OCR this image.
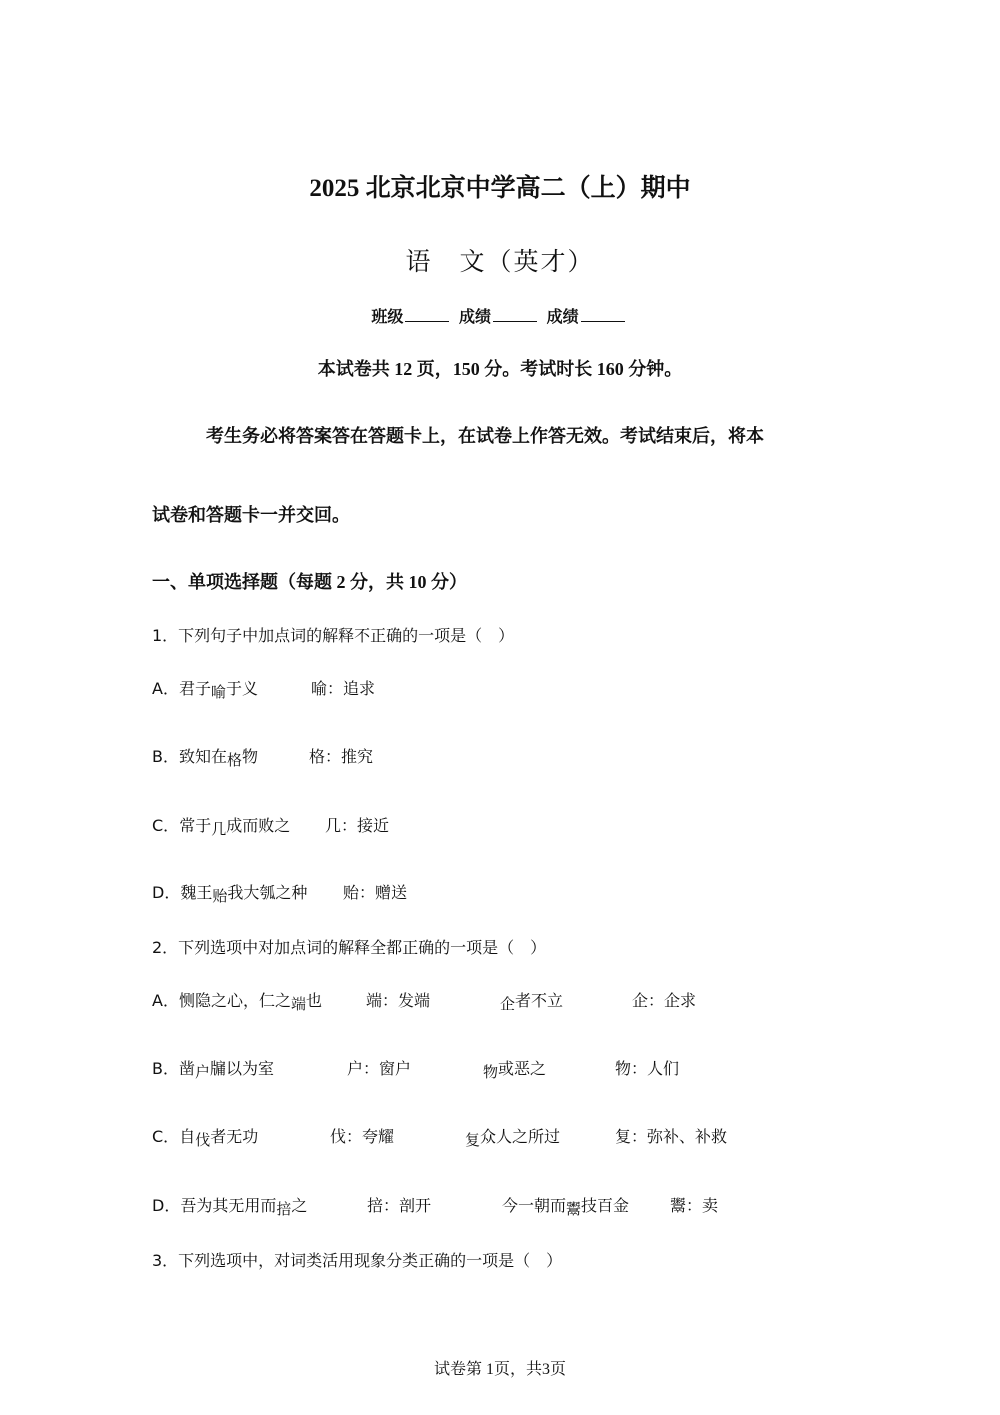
2025 北京北京中学高二（上）期中
语　文（英才）
班级	成绩	成绩
本试卷共 12 页，150 分。考试时长 160 分钟。
考生务必将答案答在答题卡上，在试卷上作答无效。考试结束后，将本
试卷和答题卡一并交回。
一、单项选择题（每题 2 分，共 10 分）
1．下列句子中加点词的解释不正确的一项是（　）
A．君子喻于义	喻：追求
B．致知在格物	格：推究
C．常于几成而败之 几：接近
D．魏王贻我大瓠之种 贻：赠送
2．下列选项中对加点词的解释全都正确的一项是（　）
A．恻隐之心，仁之端也	端：发端	企者不立	企：企求
B．凿户牖以为室	户：窗户	物或恶之	物：人们
C．自伐者无功	伐：夸耀	复众人之所过	复：弥补、补救
D．吾为其无用而掊之	掊：剖开	今一朝而鬻技百金	鬻：卖
3．下列选项中，对词类活用现象分类正确的一项是（　）
试卷第 1页，共3页
